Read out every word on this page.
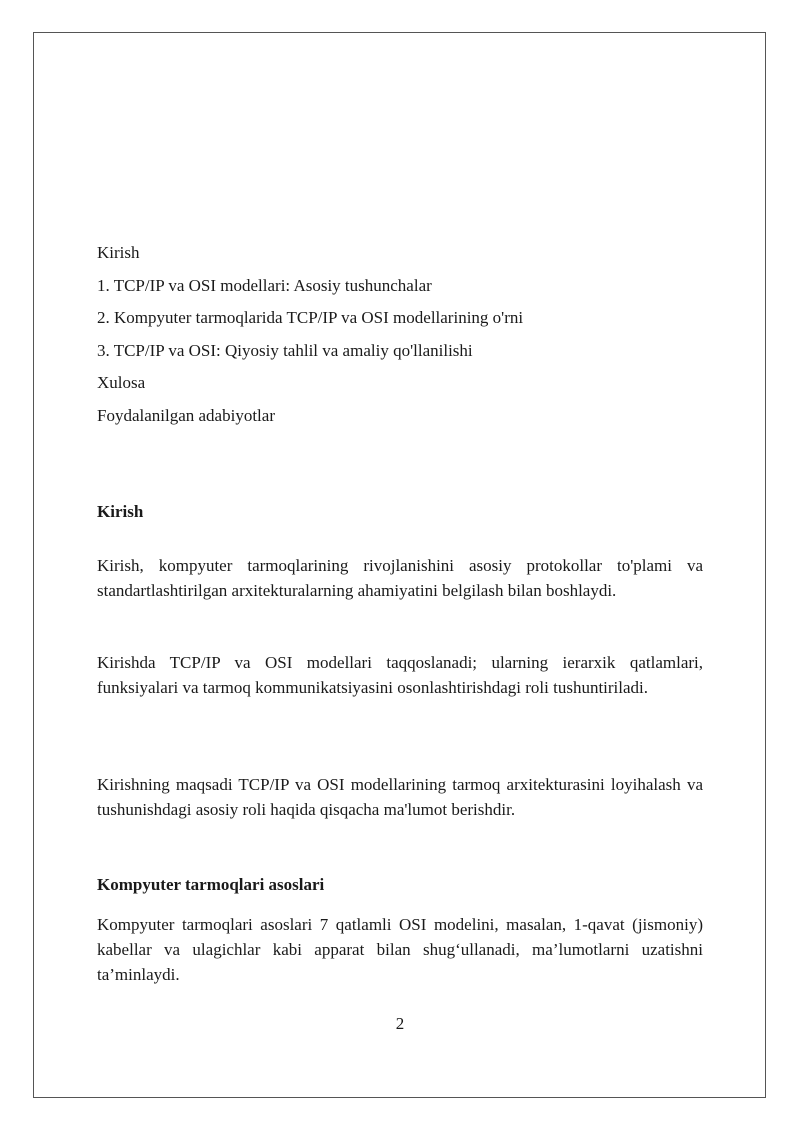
Kirish
1. TCP/IP va OSI modellari: Asosiy tushunchalar
2. Kompyuter tarmoqlarida TCP/IP va OSI modellarining o'rni
3. TCP/IP va OSI: Qiyosiy tahlil va amaliy qo'llanilishi
Xulosa
Foydalanilgan adabiyotlar
Kirish
Kirish, kompyuter tarmoqlarining rivojlanishini asosiy protokollar to'plami va standartlashtirilgan arxitekturalarning ahamiyatini belgilash bilan boshlaydi.
Kirishda TCP/IP va OSI modellari taqqoslanadi; ularning ierarxik qatlamlari, funksiyalari va tarmoq kommunikatsiyasini osonlashtirishdagi roli tushuntiriladi.
Kirishning maqsadi TCP/IP va OSI modellarining tarmoq arxitekturasini loyihalash va tushunishdagi asosiy roli haqida qisqacha ma'lumot berishdir.
Kompyuter tarmoqlari asoslari
Kompyuter tarmoqlari asoslari 7 qatlamli OSI modelini, masalan, 1-qavat (jismoniy) kabellar va ulagichlar kabi apparat bilan shug‘ullanadi, ma’lumotlarni uzatishni ta’minlaydi.
2
